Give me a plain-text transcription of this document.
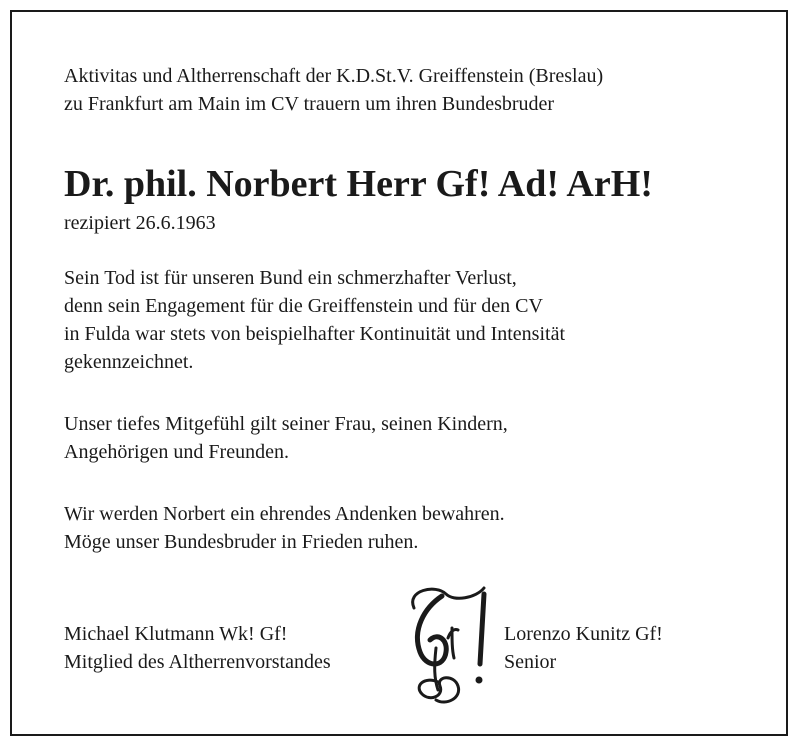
Aktivitas und Altherrenschaft der K.D.St.V. Greiffenstein (Breslau)
zu Frankfurt am Main im CV trauern um ihren Bundesbruder
Dr. phil. Norbert Herr Gf! Ad! ArH!
rezipiert 26.6.1963
Sein Tod ist für unseren Bund ein schmerzhafter Verlust,
denn sein Engagement für die Greiffenstein und für den CV
in Fulda war stets von beispielhafter Kontinuität und Intensität
gekennzeichnet.
Unser tiefes Mitgefühl gilt seiner Frau, seinen Kindern,
Angehörigen und Freunden.
Wir werden Norbert ein ehrendes Andenken bewahren.
Möge unser Bundesbruder in Frieden ruhen.
Michael Klutmann Wk! Gf!
Mitglied des Altherrenvorstandes
Lorenzo Kunitz Gf!
Senior
